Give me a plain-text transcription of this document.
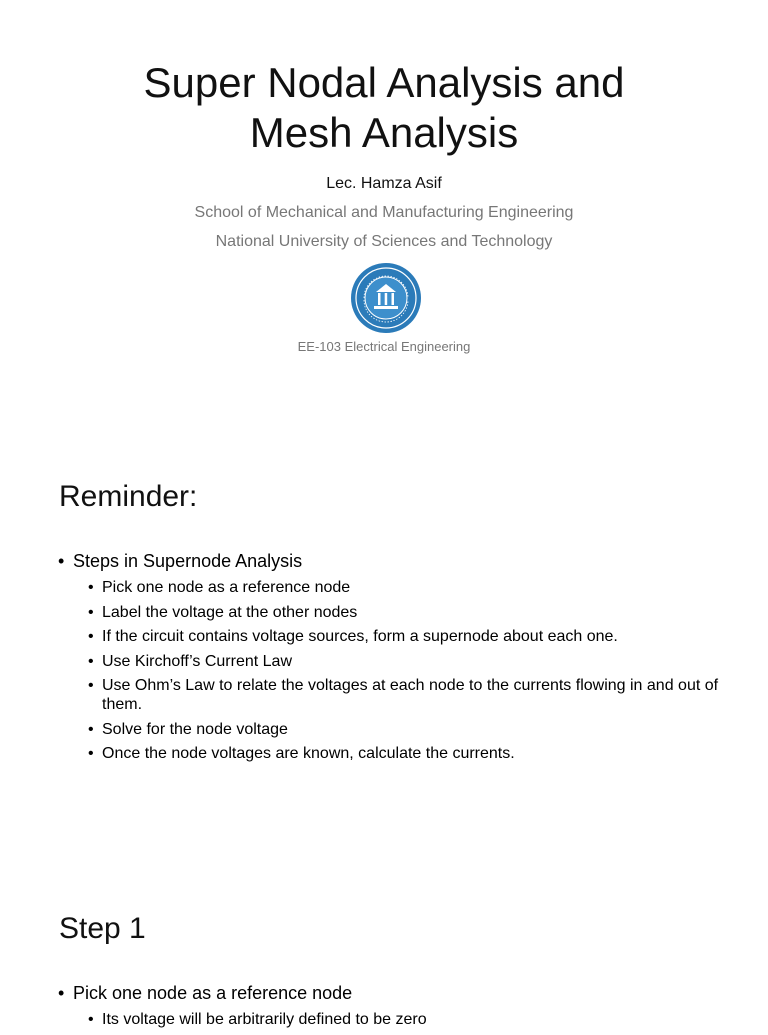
Super Nodal Analysis and
Mesh Analysis
Lec. Hamza Asif
School of Mechanical and Manufacturing Engineering
National University of Sciences and Technology
EE-103 Electrical Engineering
Reminder:
• Steps in Supernode Analysis
• Pick one node as a reference node
• Label the voltage at the other nodes
• If the circuit contains voltage sources, form a supernode about each one.
• Use Kirchoff’s Current Law
• Use Ohm’s Law to relate the voltages at each node to the currents flowing in and out of them.
• Solve for the node voltage
• Once the node voltages are known, calculate the currents.
Step 1
• Pick one node as a reference node
• Its voltage will be arbitrarily defined to be zero
